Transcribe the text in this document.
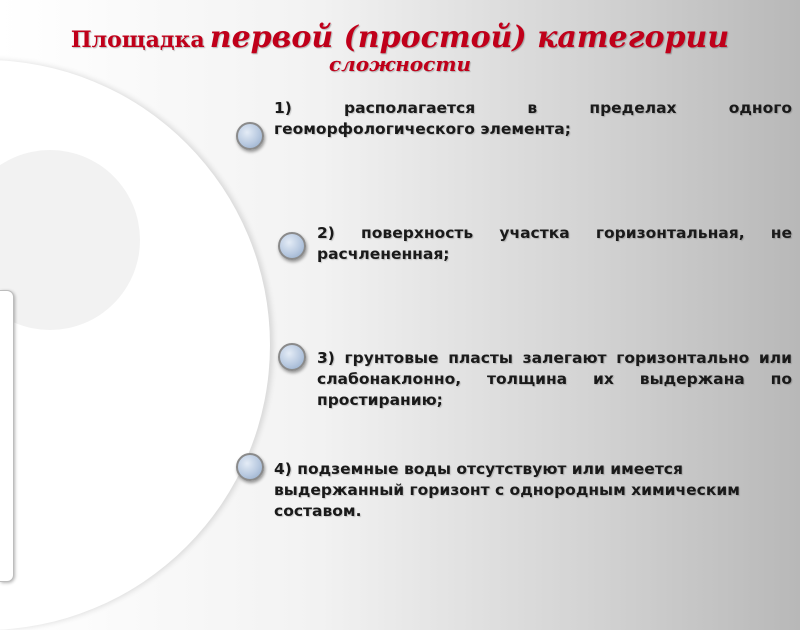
Площадка первой (простой) категории
сложности
1) располагается в пределах одного геоморфологического элемента;
2) поверхность участка горизонтальная, не расчлененная;
3) грунтовые пласты залегают горизонтально или слабонаклонно, толщина их выдержана по простиранию;
4) подземные воды отсутствуют или имеется выдержанный горизонт с однородным химическим составом.
